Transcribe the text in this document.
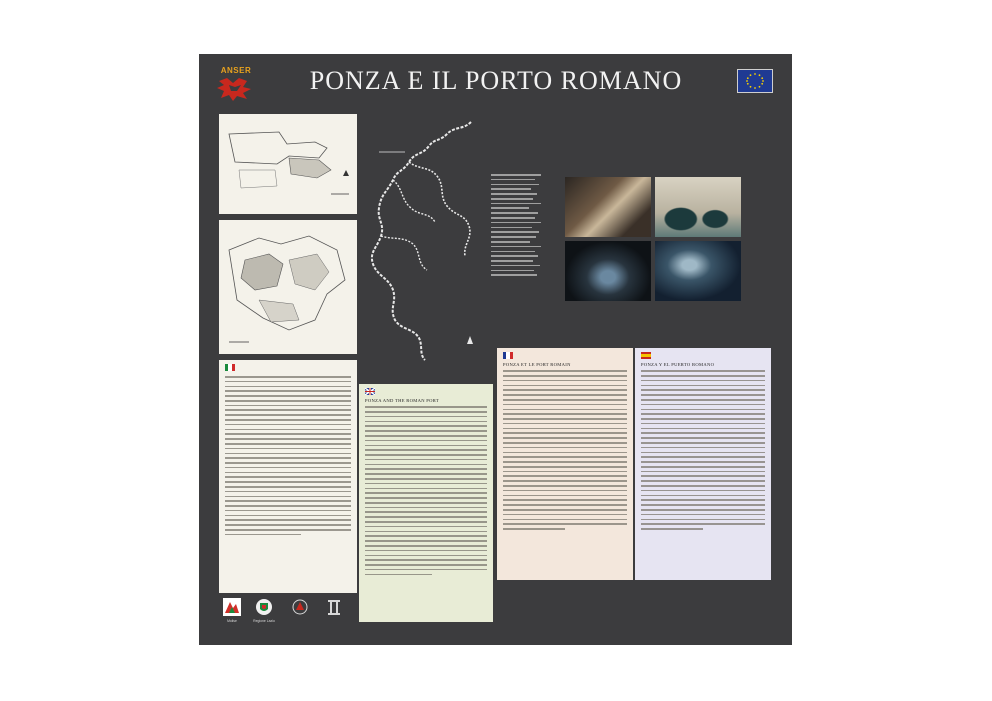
ANSER	PONZA E IL PORTO ROMANO
PONZA AND THE ROMAN PORT
PONZA ET LE PORT ROMAIN	PONZA Y EL PUERTO ROMANO
Molise	Regione Lazio
